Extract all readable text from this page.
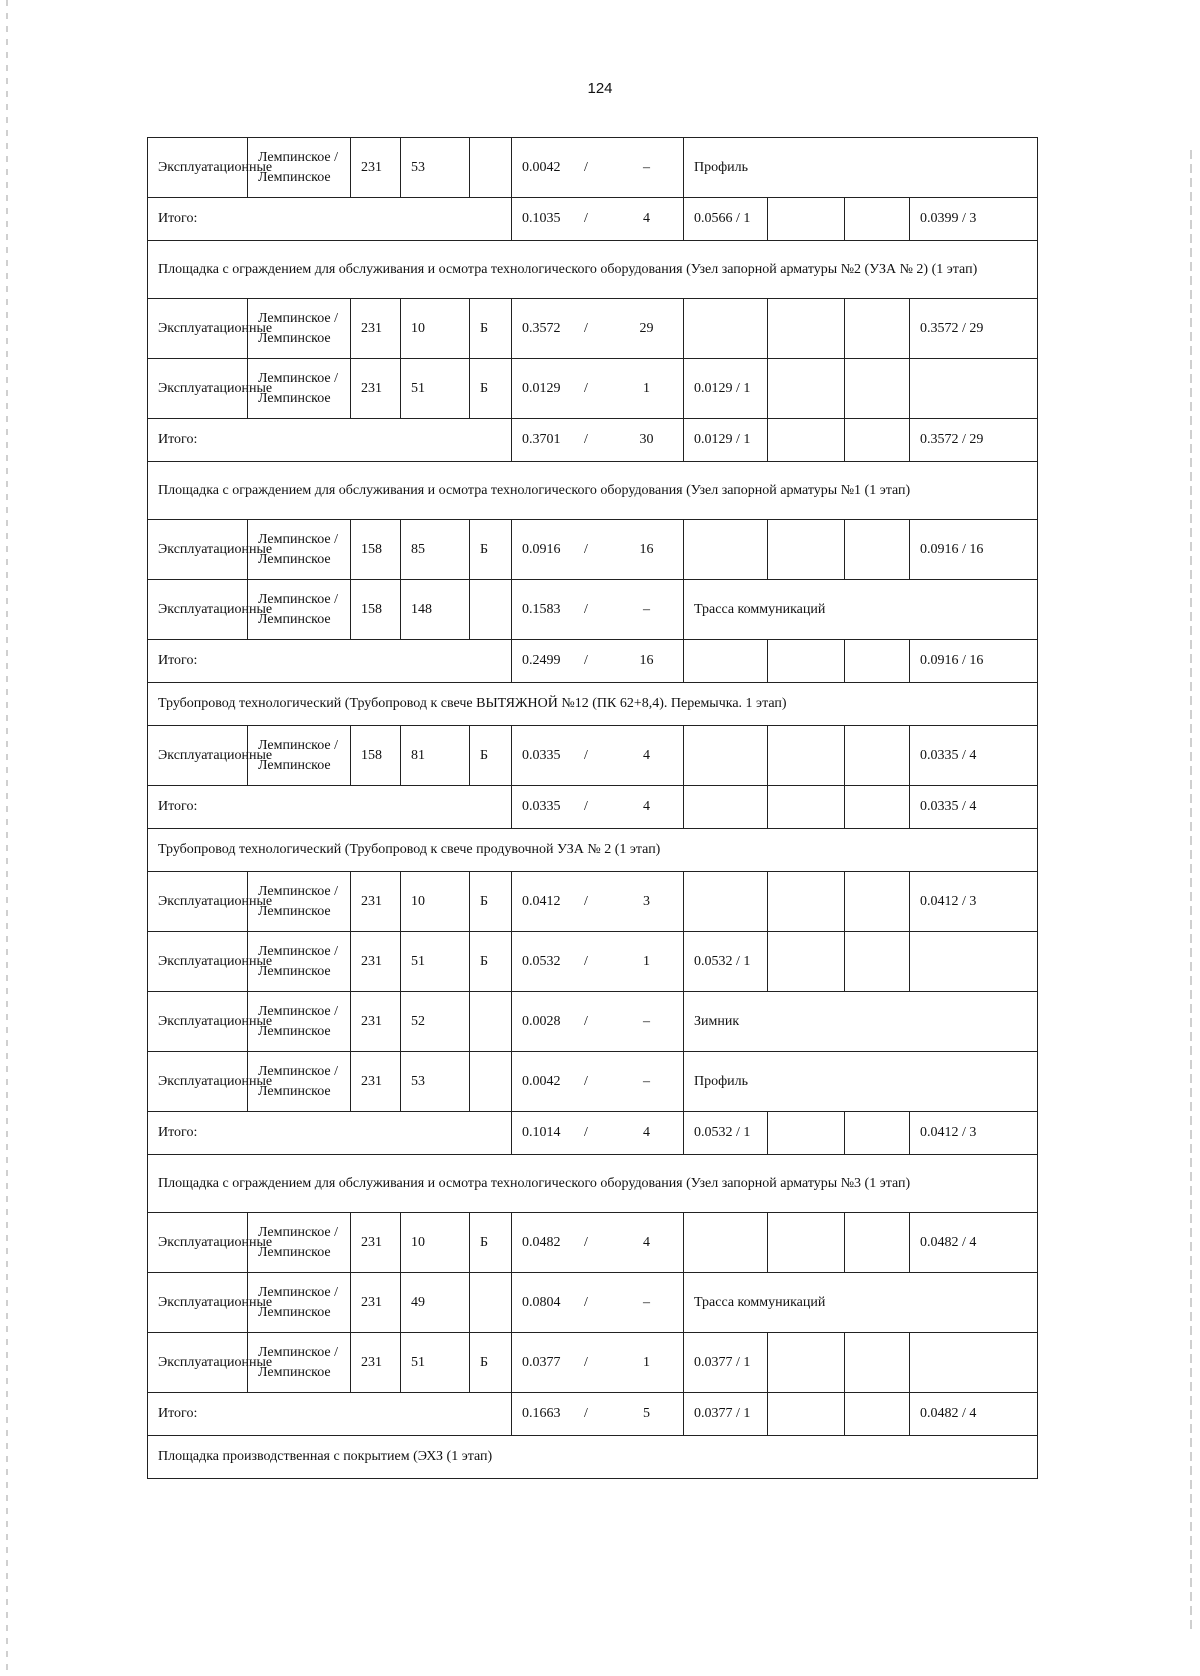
124
Эксплуатационные	Лемпинское / Лемпинское	231	53		0.0042 / –	Профиль			
Итого:					0.1035 / 4	0.0566 / 1			0.0399 / 3
Площадка с ограждением для обслуживания и осмотра технологического оборудования (Узел запорной арматуры №2 (УЗА № 2) (1 этап)									
Эксплуатационные	Лемпинское / Лемпинское	231	10	Б	0.3572 / 29				0.3572 / 29
Эксплуатационные	Лемпинское / Лемпинское	231	51	Б	0.0129 / 1	0.0129 / 1			
Итого:					0.3701 / 30	0.0129 / 1			0.3572 / 29
Площадка с ограждением для обслуживания и осмотра технологического оборудования (Узел запорной арматуры №1 (1 этап)									
Эксплуатационные	Лемпинское / Лемпинское	158	85	Б	0.0916 / 16				0.0916 / 16
Эксплуатационные	Лемпинское / Лемпинское	158	148		0.1583 / –	Трасса коммуникаций			
Итого:					0.2499 / 16				0.0916 / 16
Трубопровод технологический (Трубопровод к свече ВЫТЯЖНОЙ №12 (ПК 62+8,4). Перемычка. 1 этап)									
Эксплуатационные	Лемпинское / Лемпинское	158	81	Б	0.0335 / 4				0.0335 / 4
Итого:					0.0335 / 4				0.0335 / 4
Трубопровод технологический (Трубопровод к свече продувочной УЗА № 2 (1 этап)									
Эксплуатационные	Лемпинское / Лемпинское	231	10	Б	0.0412 / 3				0.0412 / 3
Эксплуатационные	Лемпинское / Лемпинское	231	51	Б	0.0532 / 1	0.0532 / 1			
Эксплуатационные	Лемпинское / Лемпинское	231	52		0.0028 / –	Зимник			
Эксплуатационные	Лемпинское / Лемпинское	231	53		0.0042 / –	Профиль			
Итого:					0.1014 / 4	0.0532 / 1			0.0412 / 3
Площадка с ограждением для обслуживания и осмотра технологического оборудования (Узел запорной арматуры №3 (1 этап)									
Эксплуатационные	Лемпинское / Лемпинское	231	10	Б	0.0482 / 4				0.0482 / 4
Эксплуатационные	Лемпинское / Лемпинское	231	49		0.0804 / –	Трасса коммуникаций			
Эксплуатационные	Лемпинское / Лемпинское	231	51	Б	0.0377 / 1	0.0377 / 1			
Итого:					0.1663 / 5	0.0377 / 1			0.0482 / 4
Площадка производственная с покрытием (ЭХЗ (1 этап)									
